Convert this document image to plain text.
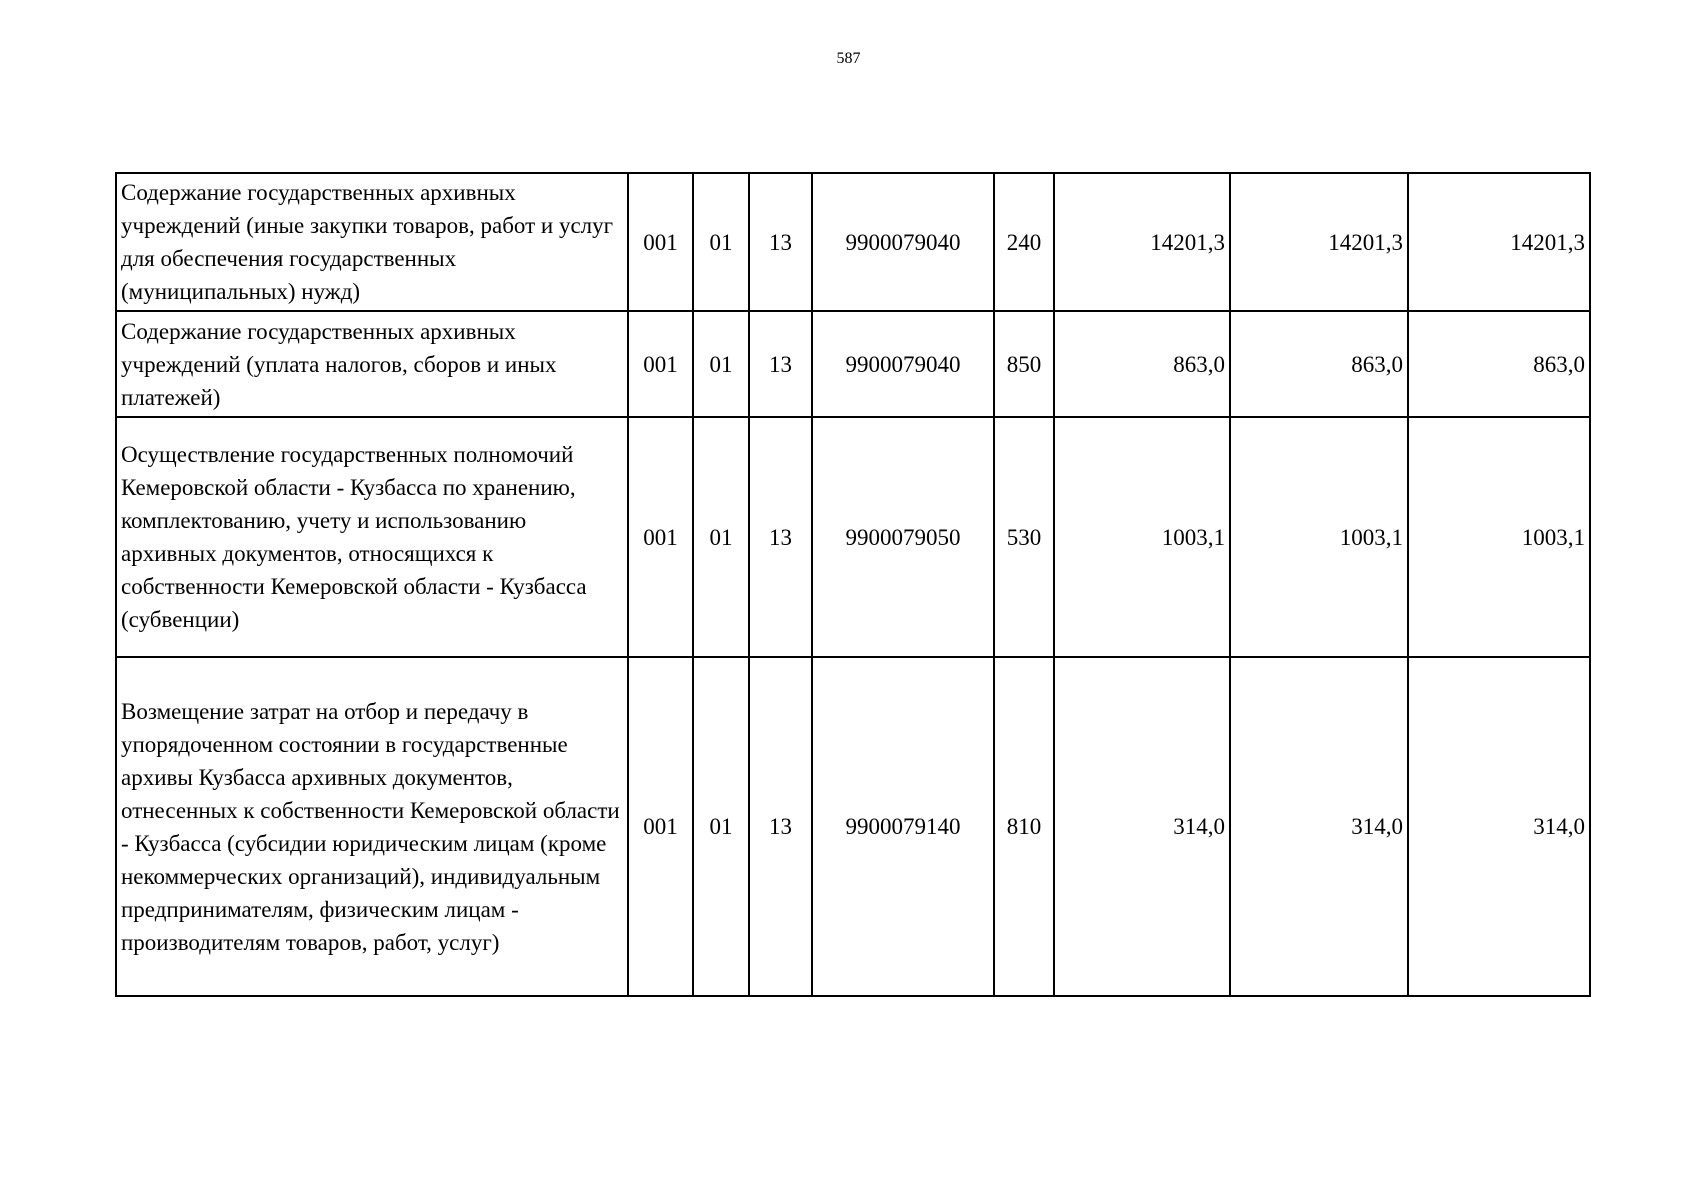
587
Содержание государственных архивных учреждений (иные закупки товаров, работ и услуг для обеспечения государственных (муниципальных) нужд)	001	01	13	9900079040	240	14201,3	14201,3	14201,3
Содержание государственных архивных учреждений (уплата налогов, сборов и иных платежей)	001	01	13	9900079040	850	863,0	863,0	863,0
Осуществление государственных полномочий Кемеровской области - Кузбасса по хранению, комплектованию, учету и использованию архивных документов, относящихся к собственности Кемеровской области - Кузбасса (субвенции)	001	01	13	9900079050	530	1003,1	1003,1	1003,1
Возмещение затрат на отбор и передачу в упорядоченном состоянии в государственные архивы Кузбасса архивных документов, отнесенных к собственности Кемеровской области - Кузбасса (субсидии юридическим лицам (кроме некоммерческих организаций), индивидуальным предпринимателям, физическим лицам - производителям товаров, работ, услуг)	001	01	13	9900079140	810	314,0	314,0	314,0
